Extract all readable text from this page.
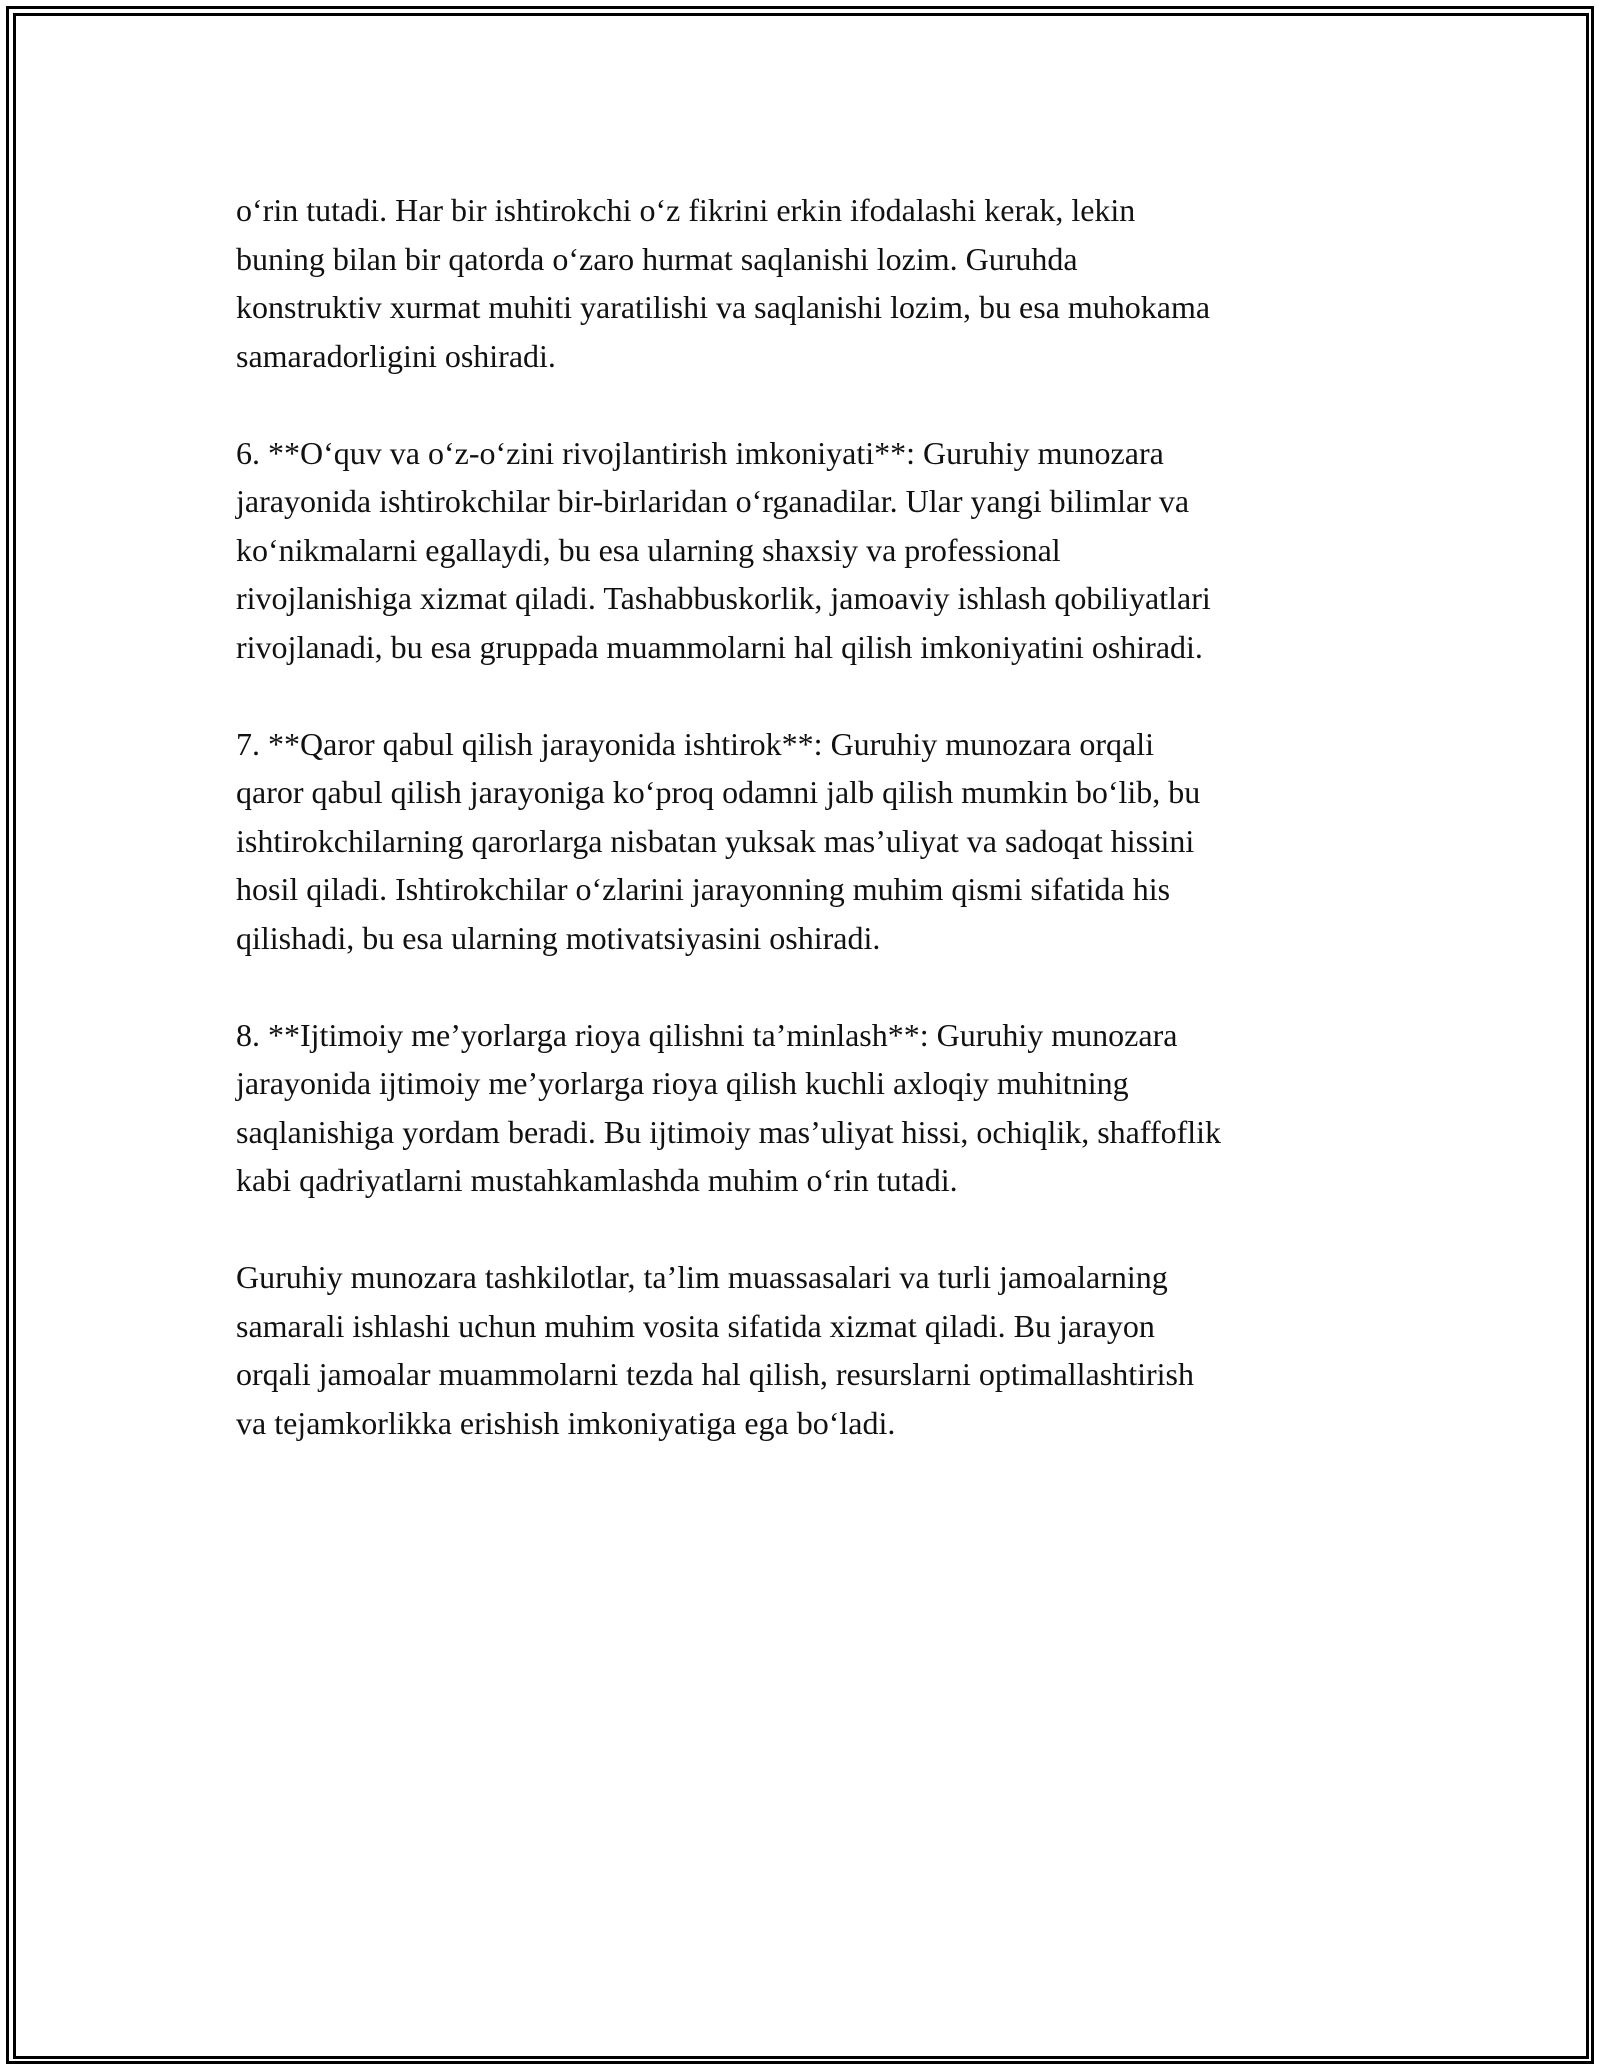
o‘rin tutadi. Har bir ishtirokchi o‘z fikrini erkin ifodalashi kerak, lekin
buning bilan bir qatorda o‘zaro hurmat saqlanishi lozim. Guruhda
konstruktiv xurmat muhiti yaratilishi va saqlanishi lozim, bu esa muhokama
samaradorligini oshiradi.

6. **O‘quv va o‘z-o‘zini rivojlantirish imkoniyati**: Guruhiy munozara
jarayonida ishtirokchilar bir-birlaridan o‘rganadilar. Ular yangi bilimlar va
ko‘nikmalarni egallaydi, bu esa ularning shaxsiy va professional
rivojlanishiga xizmat qiladi. Tashabbuskorlik, jamoaviy ishlash qobiliyatlari
rivojlanadi, bu esa gruppada muammolarni hal qilish imkoniyatini oshiradi.

7. **Qaror qabul qilish jarayonida ishtirok**: Guruhiy munozara orqali
qaror qabul qilish jarayoniga ko‘proq odamni jalb qilish mumkin bo‘lib, bu
ishtirokchilarning qarorlarga nisbatan yuksak mas’uliyat va sadoqat hissini
hosil qiladi. Ishtirokchilar o‘zlarini jarayonning muhim qismi sifatida his
qilishadi, bu esa ularning motivatsiyasini oshiradi.

8. **Ijtimoiy me’yorlarga rioya qilishni ta’minlash**: Guruhiy munozara
jarayonida ijtimoiy me’yorlarga rioya qilish kuchli axloqiy muhitning
saqlanishiga yordam beradi. Bu ijtimoiy mas’uliyat hissi, ochiqlik, shaffoflik
kabi qadriyatlarni mustahkamlashda muhim o‘rin tutadi.

Guruhiy munozara tashkilotlar, ta’lim muassasalari va turli jamoalarning
samarali ishlashi uchun muhim vosita sifatida xizmat qiladi. Bu jarayon
orqali jamoalar muammolarni tezda hal qilish, resurslarni optimallashtirish
va tejamkorlikka erishish imkoniyatiga ega bo‘ladi.
